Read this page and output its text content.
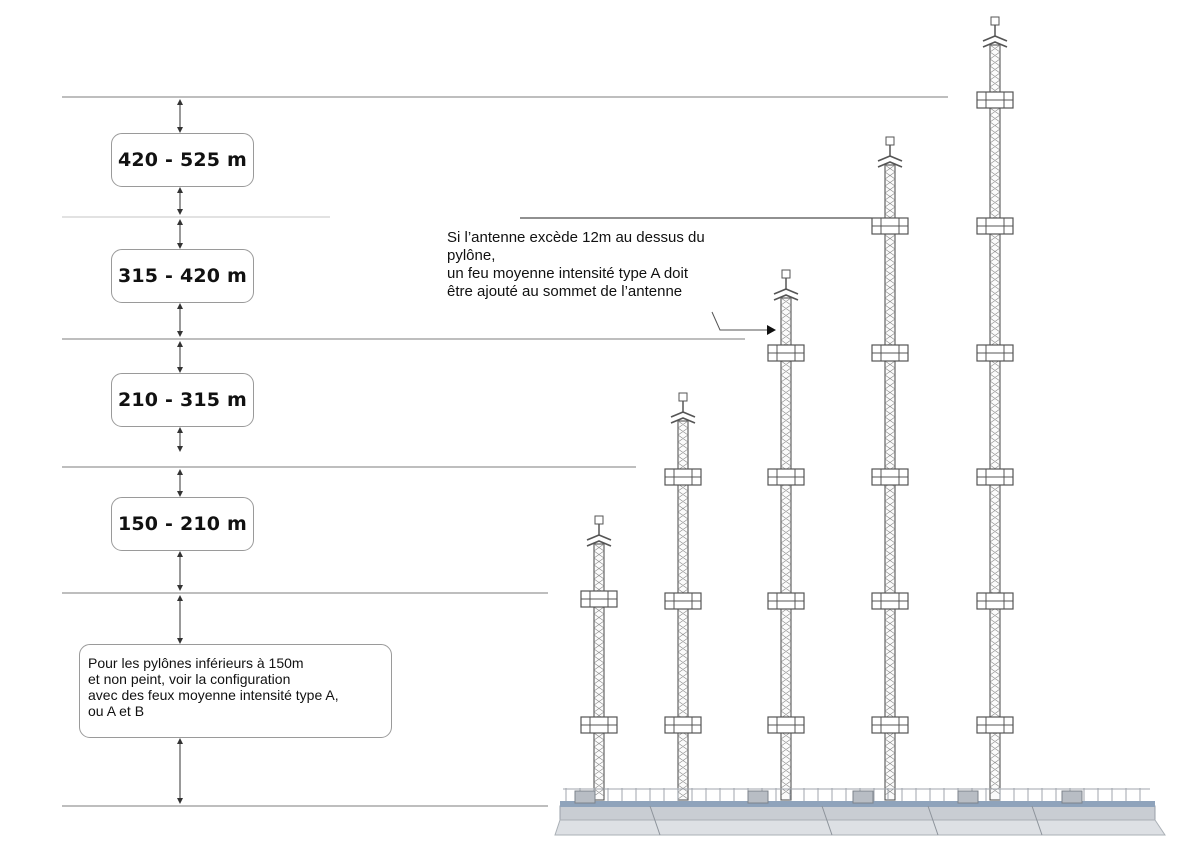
420 - 525 m
315 - 420 m
210 - 315 m
150 - 210 m
Pour les pylônes inférieurs à 150m
et non peint, voir la configuration
avec des feux moyenne intensité type A,
ou A et B
Si l’antenne excède 12m au dessus du
pylône,
un feu moyenne intensité type A doit
être ajouté au sommet de l’antenne
